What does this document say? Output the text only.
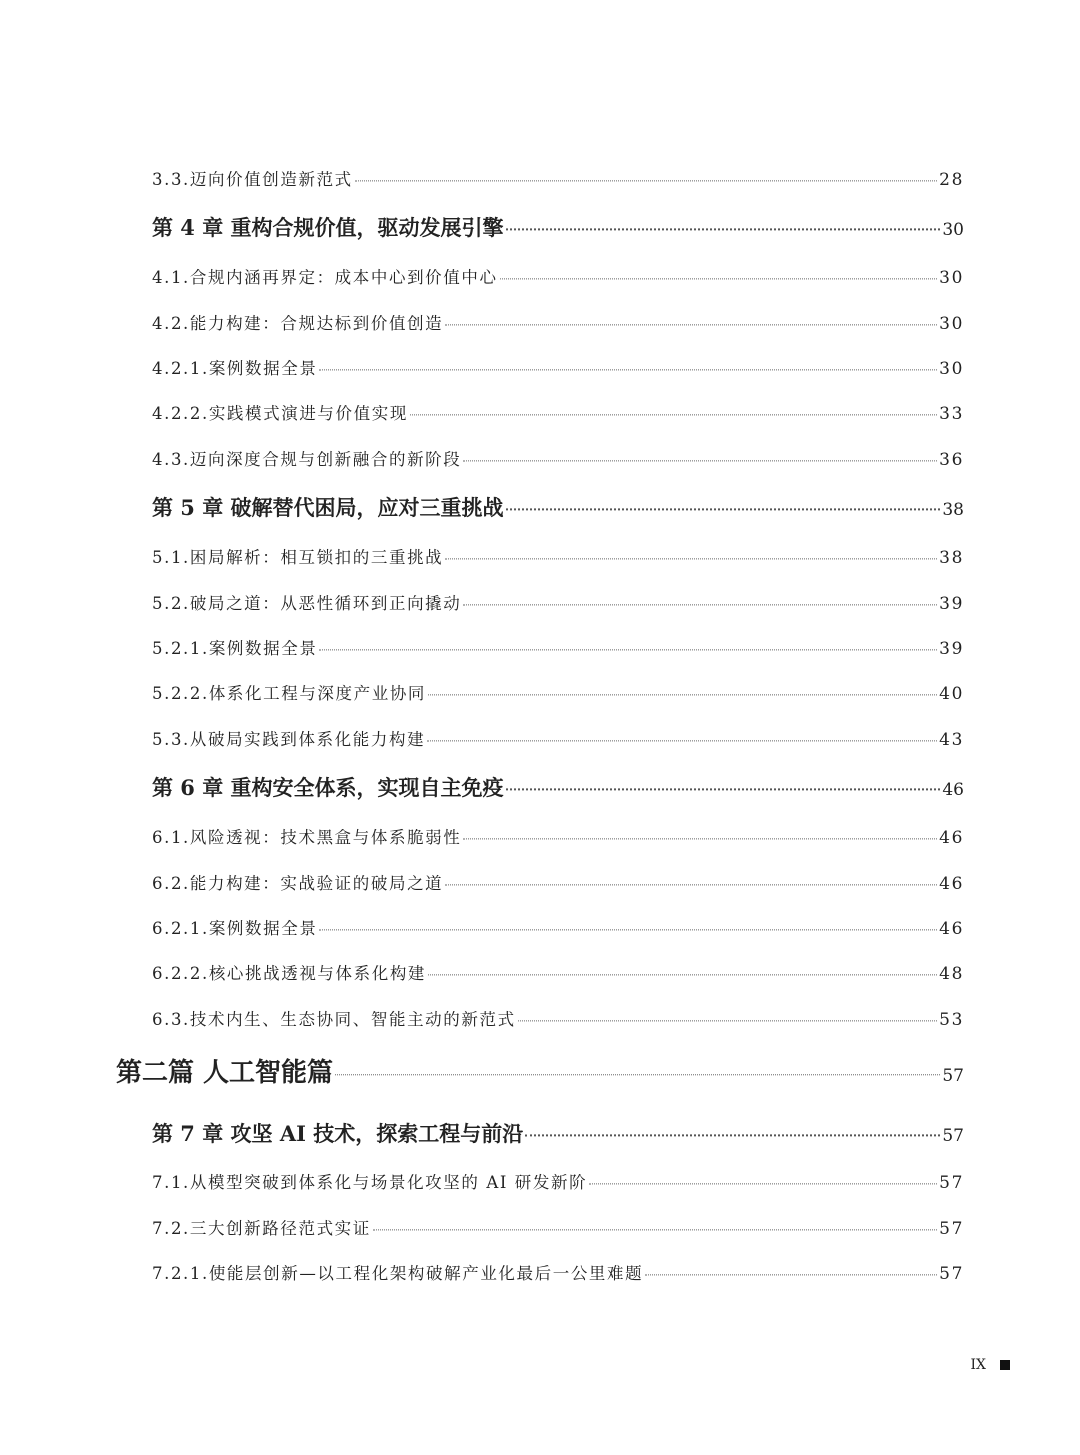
3.3.迈向价值创造新范式	28
第 4 章 重构合规价值，驱动发展引擎	30
4.1.合规内涵再界定：成本中心到价值中心	30
4.2.能力构建：合规达标到价值创造	30
4.2.1.案例数据全景	30
4.2.2.实践模式演进与价值实现	33
4.3.迈向深度合规与创新融合的新阶段	36
第 5 章 破解替代困局，应对三重挑战	38
5.1.困局解析：相互锁扣的三重挑战	38
5.2.破局之道：从恶性循环到正向撬动	39
5.2.1.案例数据全景	39
5.2.2.体系化工程与深度产业协同	40
5.3.从破局实践到体系化能力构建	43
第 6 章 重构安全体系，实现自主免疫	46
6.1.风险透视：技术黑盒与体系脆弱性	46
6.2.能力构建：实战验证的破局之道	46
6.2.1.案例数据全景	46
6.2.2.核心挑战透视与体系化构建	48
6.3.技术内生、生态协同、智能主动的新范式	53
第二篇 人工智能篇	57
第 7 章 攻坚 AI 技术，探索工程与前沿	57
7.1.从模型突破到体系化与场景化攻坚的 AI 研发新阶	57
7.2.三大创新路径范式实证	57
7.2.1.使能层创新—以工程化架构破解产业化最后一公里难题	57
IX
